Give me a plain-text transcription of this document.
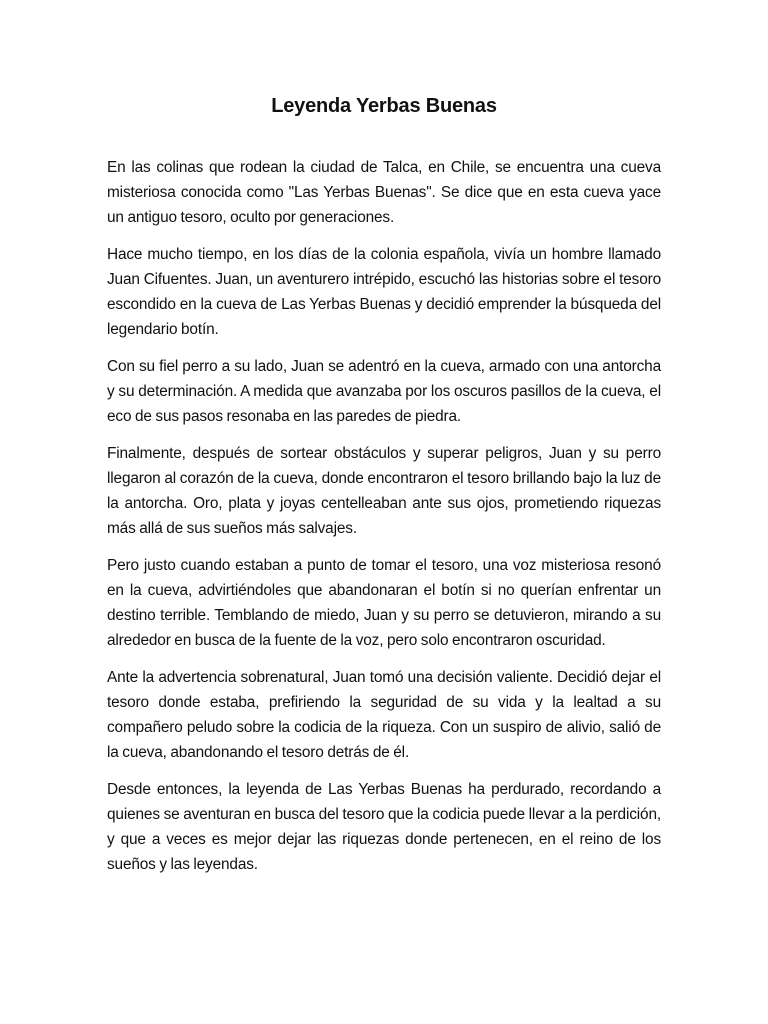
Leyenda Yerbas Buenas

En las colinas que rodean la ciudad de Talca, en Chile, se encuentra una cueva misteriosa conocida como "Las Yerbas Buenas". Se dice que en esta cueva yace un antiguo tesoro, oculto por generaciones.

Hace mucho tiempo, en los días de la colonia española, vivía un hombre llamado Juan Cifuentes. Juan, un aventurero intrépido, escuchó las historias sobre el tesoro escondido en la cueva de Las Yerbas Buenas y decidió emprender la búsqueda del legendario botín.

Con su fiel perro a su lado, Juan se adentró en la cueva, armado con una antorcha y su determinación. A medida que avanzaba por los oscuros pasillos de la cueva, el eco de sus pasos resonaba en las paredes de piedra.

Finalmente, después de sortear obstáculos y superar peligros, Juan y su perro llegaron al corazón de la cueva, donde encontraron el tesoro brillando bajo la luz de la antorcha. Oro, plata y joyas centelleaban ante sus ojos, prometiendo riquezas más allá de sus sueños más salvajes.

Pero justo cuando estaban a punto de tomar el tesoro, una voz misteriosa resonó en la cueva, advirtiéndoles que abandonaran el botín si no querían enfrentar un destino terrible. Temblando de miedo, Juan y su perro se detuvieron, mirando a su alrededor en busca de la fuente de la voz, pero solo encontraron oscuridad.

Ante la advertencia sobrenatural, Juan tomó una decisión valiente. Decidió dejar el tesoro donde estaba, prefiriendo la seguridad de su vida y la lealtad a su compañero peludo sobre la codicia de la riqueza. Con un suspiro de alivio, salió de la cueva, abandonando el tesoro detrás de él.

Desde entonces, la leyenda de Las Yerbas Buenas ha perdurado, recordando a quienes se aventuran en busca del tesoro que la codicia puede llevar a la perdición, y que a veces es mejor dejar las riquezas donde pertenecen, en el reino de los sueños y las leyendas.
